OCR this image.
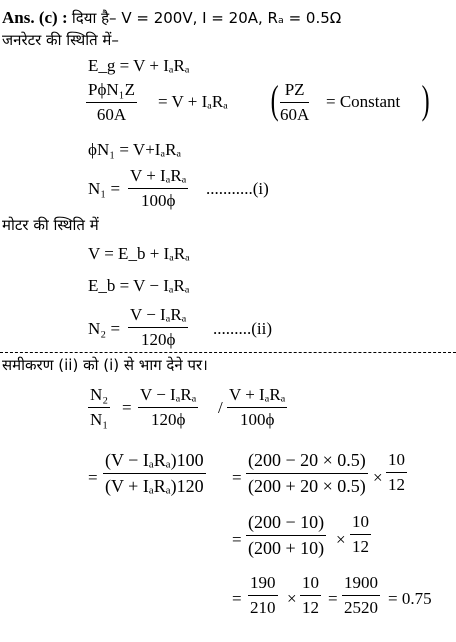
Ans. (c) : दिया है– V = 200V, I = 20A, Rₐ = 0.5Ω
जनरेटर की स्थिति में–
E_g = V + IₐRₐ
PϕN₁Z
60A
= V + IₐRₐ ( $\frac{PZ}{60A}$ = Constant )
ϕN₁ = V+IₐRₐ
N₁ =
V + IₐRₐ
100ϕ
...........(i)
मोटर की स्थिति में
V = E_b + IₐRₐ
E_b = V − IₐRₐ
N₂ =
V − IₐRₐ
120ϕ
.........(ii)
समीकरण (ii) को (i) से भाग देने पर।
$\frac{\text{N₂}}{\text{N₁}}$ =
V − IₐRₐ
120ϕ
/
V + IₐRₐ
100ϕ
=
(V − IₐRₐ)100
$(V + I_aR_a)120 = \frac{(200 - 20 \times 0.5)}{(200 + 20 \times 0.5)} \times \frac{10}{12}$
= $\frac{(200 - 10)}{(200 + 10)} \times \frac{10}{12}$
= $\frac{190}{210} \times \frac{10}{12} = \frac{1900}{2520} = 0.75$
